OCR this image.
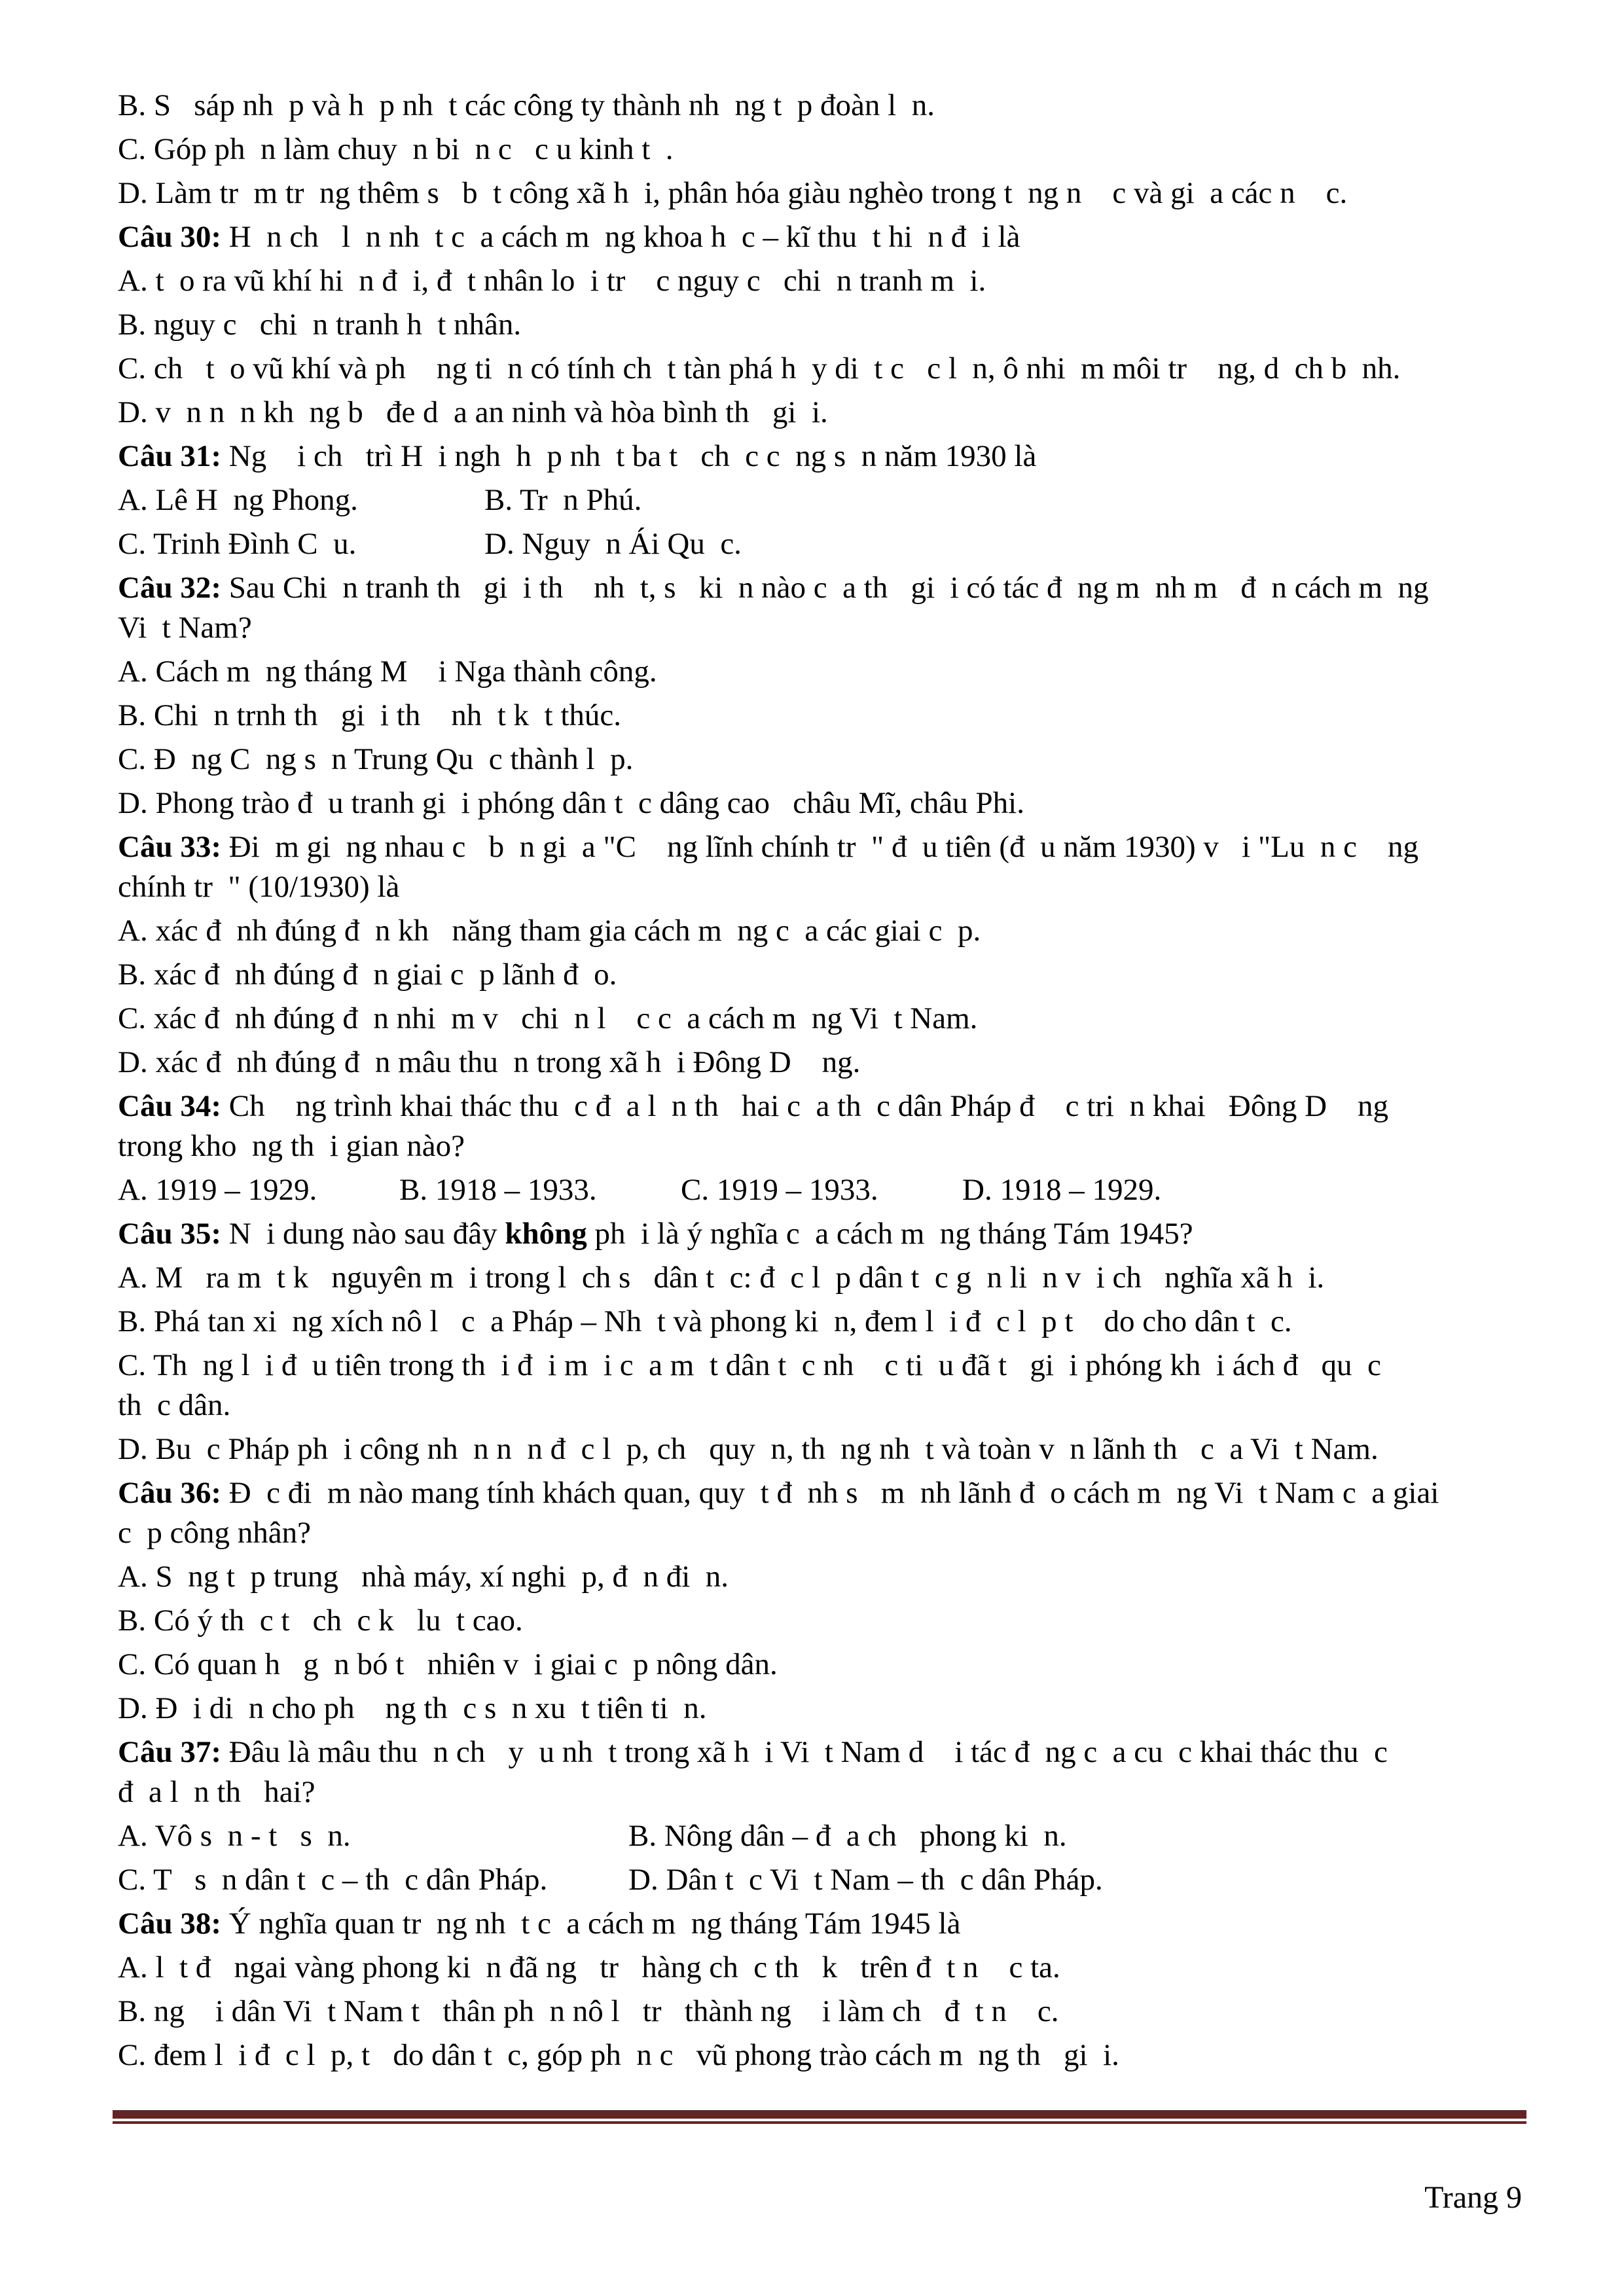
B. S   sáp nh  p và h  p nh  t các công ty thành nh  ng t  p đoàn l  n.
C. Góp ph  n làm chuy  n bi  n c   c u kinh t  .
D. Làm tr  m tr  ng thêm s   b  t công xã h  i, phân hóa giàu nghèo trong t  ng n    c và gi  a các n    c.
Câu 30: H  n ch   l  n nh  t c  a cách m  ng khoa h  c – kĩ thu  t hi  n đ  i là
A. t  o ra vũ khí hi  n đ  i, đ  t nhân lo  i tr    c nguy c   chi  n tranh m  i.
B. nguy c   chi  n tranh h  t nhân.
C. ch   t  o vũ khí và ph    ng ti  n có tính ch  t tàn phá h  y di  t c   c l  n, ô nhi  m môi tr    ng, d  ch b  nh.
D. v  n n  n kh  ng b   đe d  a an ninh và hòa bình th   gi  i.
Câu 31: Ng    i ch   trì H  i ngh  h  p nh  t ba t   ch  c c  ng s  n năm 1930 là
A. Lê H  ng Phong.	B. Tr  n Phú.
C. Trinh Đình C  u.	D. Nguy  n Ái Qu  c.
Câu 32: Sau Chi  n tranh th   gi  i th    nh  t, s   ki  n nào c  a th   gi  i có tác đ  ng m  nh m   đ  n cách m  ng
Vi  t Nam?
A. Cách m  ng tháng M    i Nga thành công.
B. Chi  n trnh th   gi  i th    nh  t k  t thúc.
C. Đ  ng C  ng s  n Trung Qu  c thành l  p.
D. Phong trào đ  u tranh gi  i phóng dân t  c dâng cao   châu Mĩ, châu Phi.
Câu 33: Đi  m gi  ng nhau c   b  n gi  a "C    ng lĩnh chính tr  " đ  u tiên (đ  u năm 1930) v   i "Lu  n c    ng
chính tr  " (10/1930) là
A. xác đ  nh đúng đ  n kh   năng tham gia cách m  ng c  a các giai c  p.
B. xác đ  nh đúng đ  n giai c  p lãnh đ  o.
C. xác đ  nh đúng đ  n nhi  m v   chi  n l    c c  a cách m  ng Vi  t Nam.
D. xác đ  nh đúng đ  n mâu thu  n trong xã h  i Đông D    ng.
Câu 34: Ch    ng trình khai thác thu  c đ  a l  n th   hai c  a th  c dân Pháp đ    c tri  n khai   Đông D    ng
trong kho  ng th  i gian nào?
A. 1919 – 1929.	B. 1918 – 1933.	C. 1919 – 1933.	D. 1918 – 1929.
Câu 35: N  i dung nào sau đây không ph  i là ý nghĩa c  a cách m  ng tháng Tám 1945?
A. M   ra m  t k   nguyên m  i trong l  ch s   dân t  c: đ  c l  p dân t  c g  n li  n v  i ch   nghĩa xã h  i.
B. Phá tan xi  ng xích nô l   c  a Pháp – Nh  t và phong ki  n, đem l  i đ  c l  p t    do cho dân t  c.
C. Th  ng l  i đ  u tiên trong th  i đ  i m  i c  a m  t dân t  c nh    c ti  u đã t   gi  i phóng kh  i ách đ   qu  c
th  c dân.
D. Bu  c Pháp ph  i công nh  n n  n đ  c l  p, ch   quy  n, th  ng nh  t và toàn v  n lãnh th   c  a Vi  t Nam.
Câu 36: Đ  c đi  m nào mang tính khách quan, quy  t đ  nh s   m  nh lãnh đ  o cách m  ng Vi  t Nam c  a giai
c  p công nhân?
A. S  ng t  p trung   nhà máy, xí nghi  p, đ  n đi  n.
B. Có ý th  c t   ch  c k   lu  t cao.
C. Có quan h   g  n bó t   nhiên v  i giai c  p nông dân.
D. Đ  i di  n cho ph    ng th  c s  n xu  t tiên ti  n.
Câu 37: Đâu là mâu thu  n ch   y  u nh  t trong xã h  i Vi  t Nam d    i tác đ  ng c  a cu  c khai thác thu  c
đ  a l  n th   hai?
A. Vô s  n - t   s  n.	B. Nông dân – đ  a ch   phong ki  n.
C. T   s  n dân t  c – th  c dân Pháp.	D. Dân t  c Vi  t Nam – th  c dân Pháp.
Câu 38: Ý nghĩa quan tr  ng nh  t c  a cách m  ng tháng Tám 1945 là
A. l  t đ   ngai vàng phong ki  n đã ng   tr   hàng ch  c th   k   trên đ  t n    c ta.
B. ng    i dân Vi  t Nam t   thân ph  n nô l   tr   thành ng    i làm ch   đ  t n    c.
C. đem l  i đ  c l  p, t   do dân t  c, góp ph  n c   vũ phong trào cách m  ng th   gi  i.
Trang 9
